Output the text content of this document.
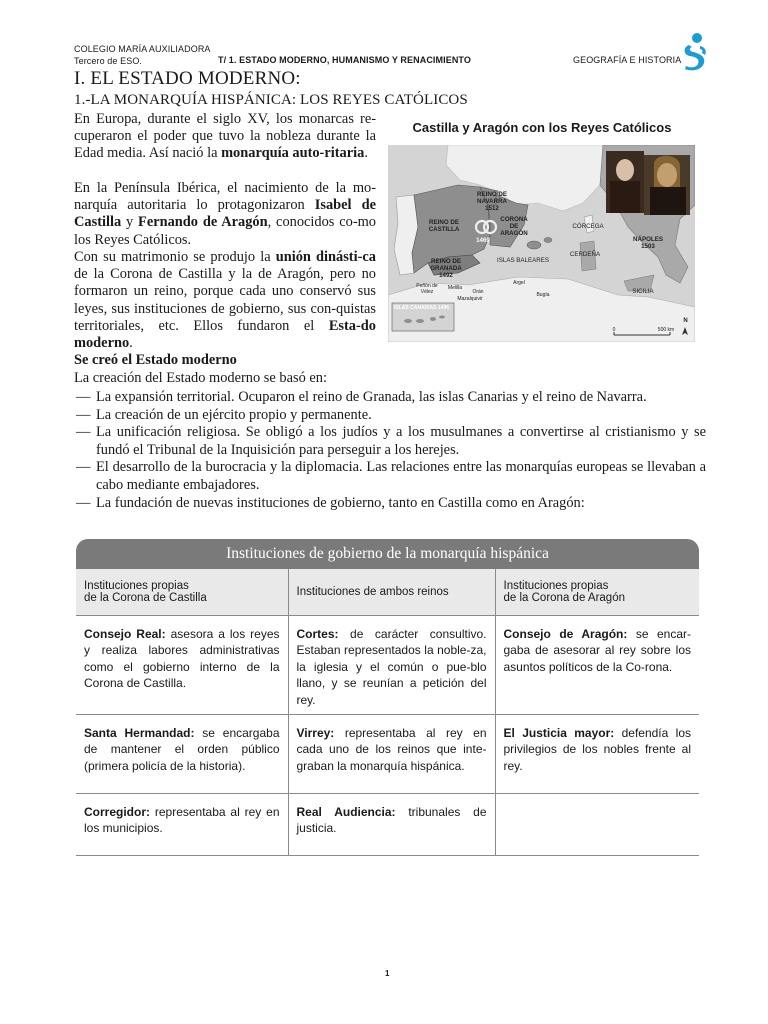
COLEGIO MARÍA AUXILIADORA
Tercero de ESO.	T/ 1. ESTADO MODERNO, HUMANISMO Y RENACIMIENTO	GEOGRAFÍA E HISTORIA
I. EL ESTADO MODERNO:
1.-LA MONARQUÍA HISPÁNICA: LOS REYES CATÓLICOS

En Europa, durante el siglo XV, los monarcas re-cuperaron el poder que tuvo la nobleza durante la Edad media. Así nació la monarquía auto-ritaria.

En la Península Ibérica, el nacimiento de la mo-narquía autoritaria lo protagonizaron Isabel de Castilla y Fernando de Aragón, conocidos co-mo los Reyes Católicos.

Con su matrimonio se produjo la unión dinásti-ca de la Corona de Castilla y la de Aragón, pero no formaron un reino, porque cada uno conservó sus leyes, sus instituciones de gobierno, sus con-quistas territoriales, etc. Ellos fundaron el Esta-do moderno.

Castilla y Aragón con los Reyes Católicos
REINO DE NAVARRA
1512
REINO DE CASTILLA
CORONA DE ARAGÓN
1469
REINO DE GRANADA
1492
ISLAS BALEARES
CÓRCEGA
CERDEÑA
NÁPOLES
1503
SICILIA
Peñón de Vélez
Melilla
Orán
Mazalquivir
Argel
Bugía
ISLAS CANARIAS 1496
0	500 km
N

Se creó el Estado moderno

La creación del Estado moderno se basó en:

— La expansión territorial. Ocuparon el reino de Granada, las islas Canarias y el reino de Navarra.
— La creación de un ejército propio y permanente.
— La unificación religiosa. Se obligó a los judíos y a los musulmanes a convertirse al cristianismo y se fundó el Tribunal de la Inquisición para perseguir a los herejes.
— El desarrollo de la burocracia y la diplomacia. Las relaciones entre las monarquías europeas se llevaban a cabo mediante embajadores.
— La fundación de nuevas instituciones de gobierno, tanto en Castilla como en Aragón:
Instituciones de gobierno de la monarquía hispánica
Instituciones propias
de la Corona de Castilla	Instituciones de ambos reinos	Instituciones propias
de la Corona de Aragón
Consejo Real: asesora a los reyes y realiza labores administrativas como el gobierno interno de la Corona de Castilla.	Cortes: de carácter consultivo. Estaban representados la noble-za, la iglesia y el común o pue-blo llano, y se reunían a petición del rey.	Consejo de Aragón: se encar-gaba de asesorar al rey sobre los asuntos políticos de la Co-rona.
Santa Hermandad: se encargaba de mantener el orden público (primera policía de la historia).	Virrey: representaba al rey en cada uno de los reinos que inte-graban la monarquía hispánica.	El Justicia mayor: defendía los privilegios de los nobles frente al rey.
Corregidor: representaba al rey en los municipios.	Real Audiencia: tribunales de justicia.	
1
